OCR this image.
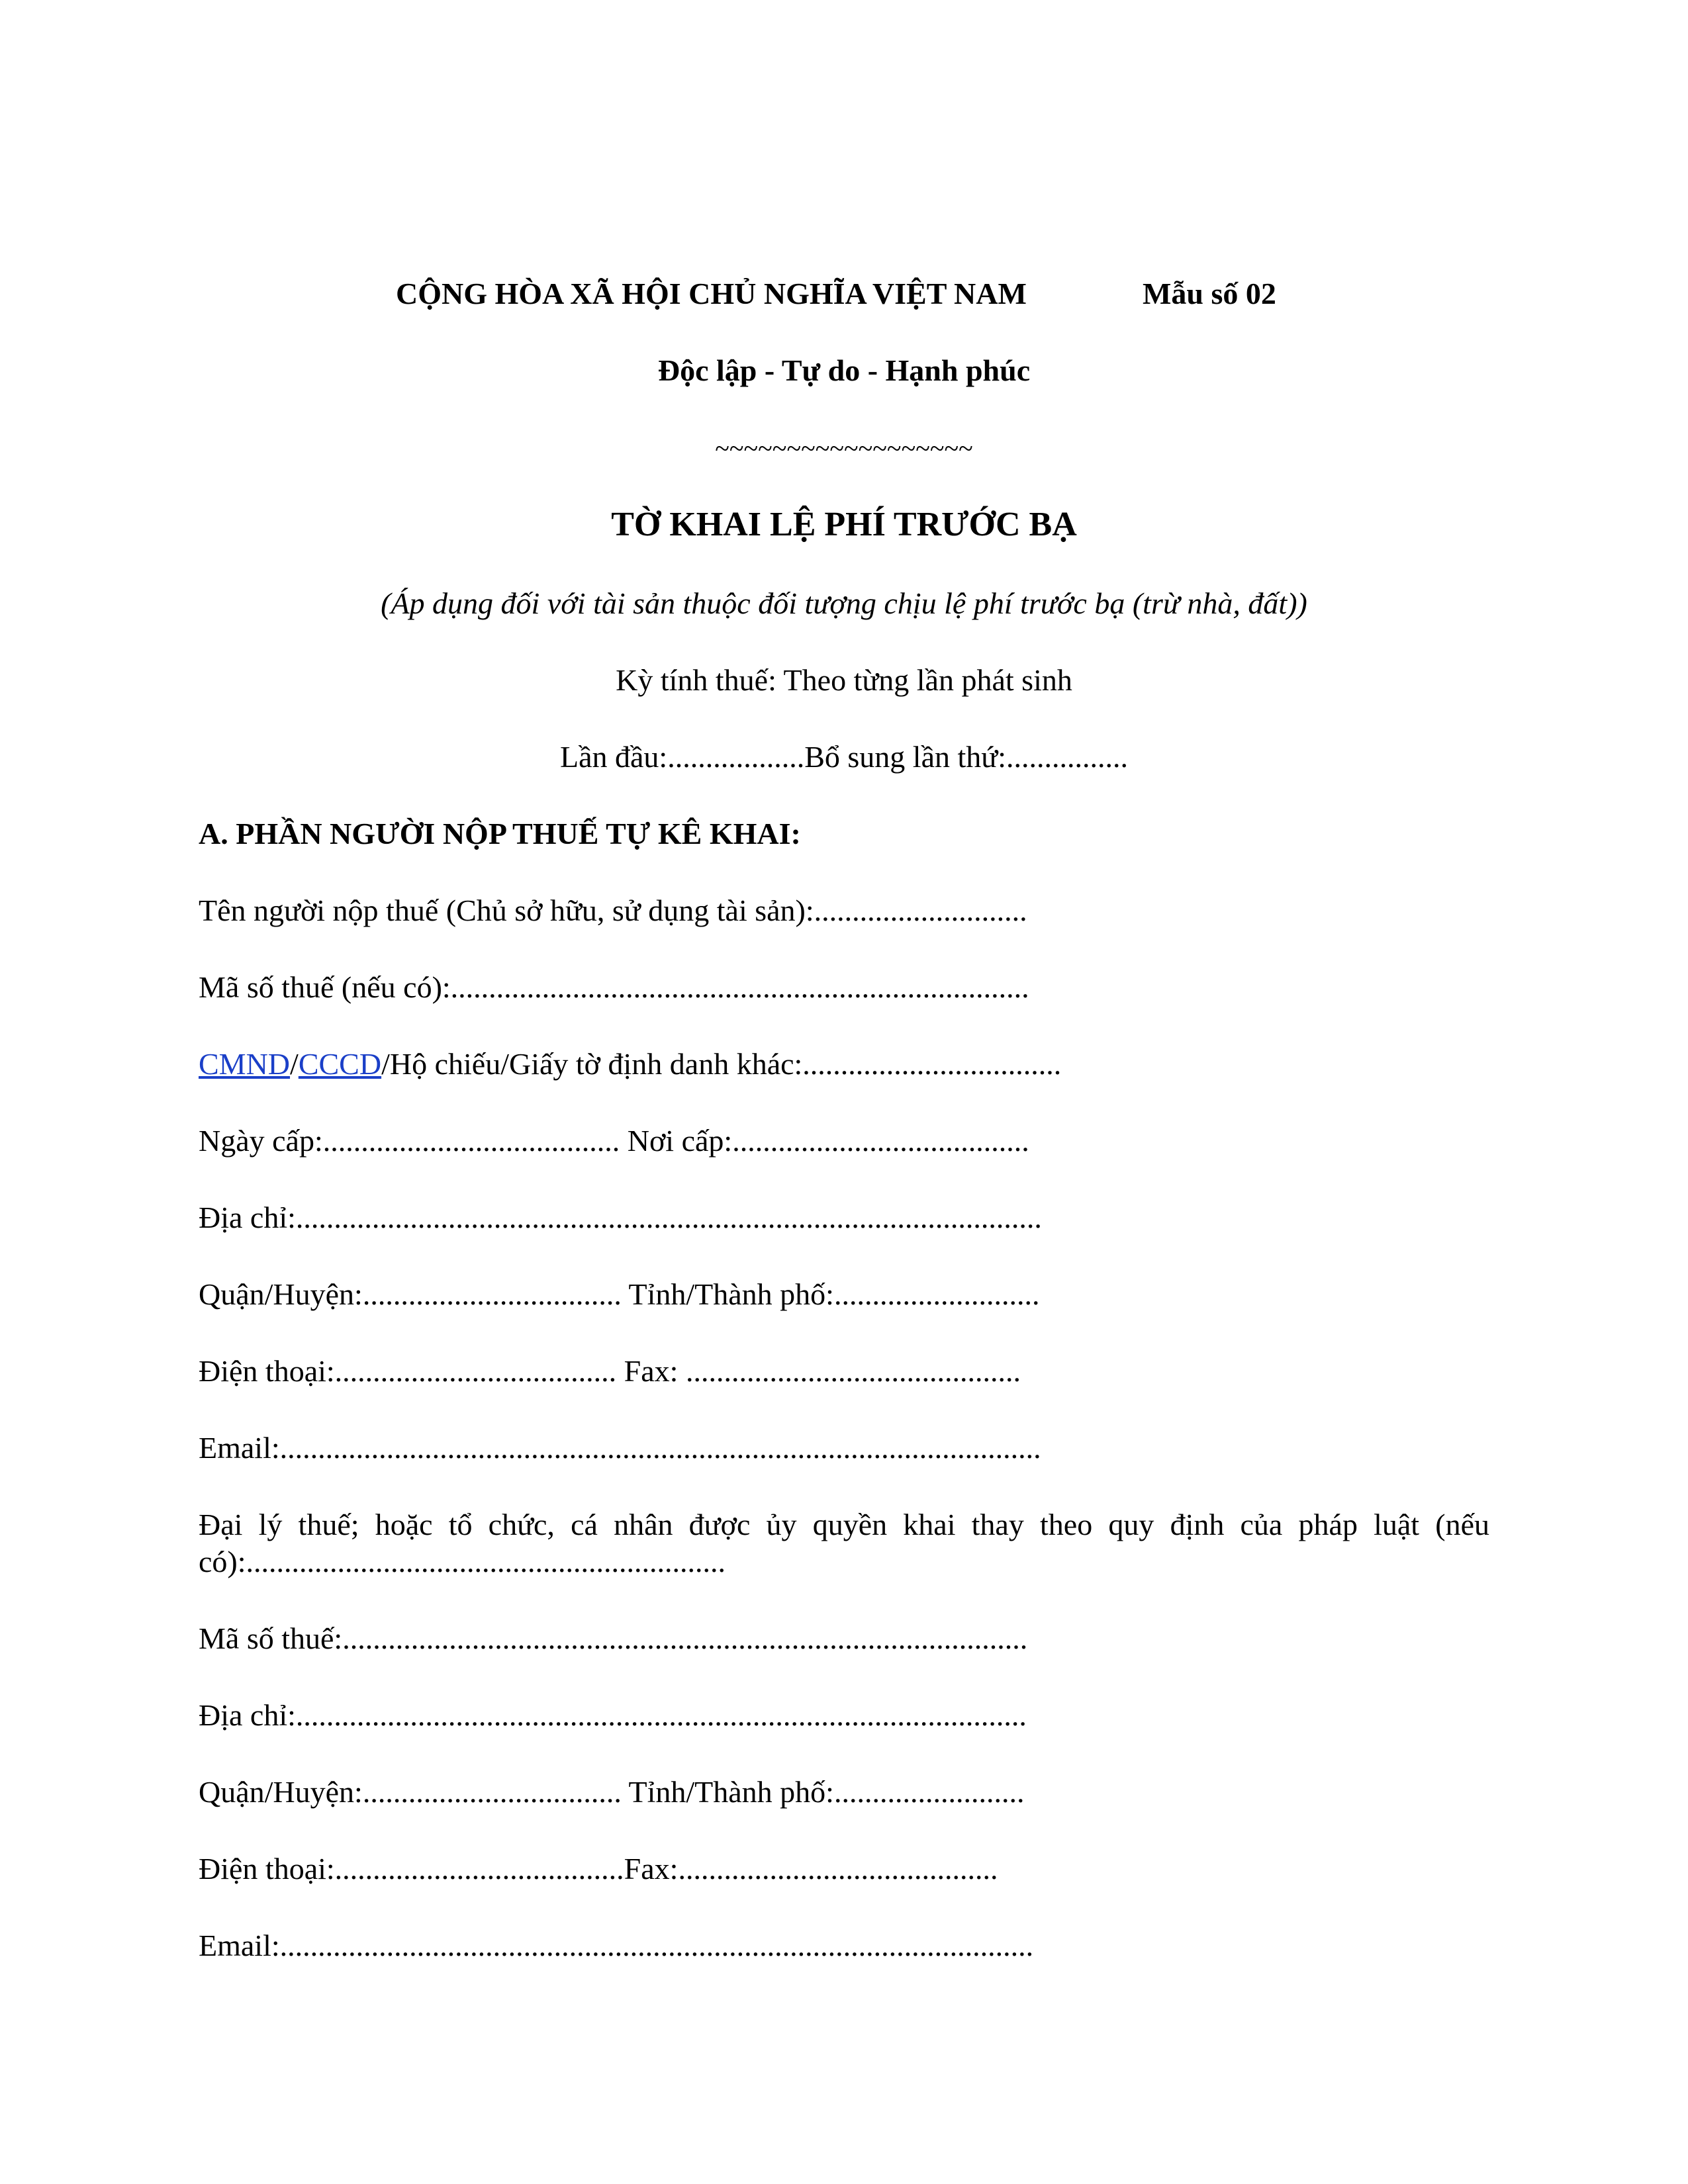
CỘNG HÒA XÃ HỘI CHỦ NGHĨA VIỆT NAM	Mẫu số 02
Độc lập - Tự do - Hạnh phúc
~~~~~~~~~~~~~~~~~~
TỜ KHAI LỆ PHÍ TRƯỚC BẠ
(Áp dụng đối với tài sản thuộc đối tượng chịu lệ phí trước bạ (trừ nhà, đất))
Kỳ tính thuế: Theo từng lần phát sinh
Lần đầu:..................Bổ sung lần thứ:................
A. PHẦN NGƯỜI NỘP THUẾ TỰ KÊ KHAI:
Tên người nộp thuế (Chủ sở hữu, sử dụng tài sản):............................
Mã số thuế (nếu có):............................................................................
CMND/CCCD/Hộ chiếu/Giấy tờ định danh khác:..................................
Ngày cấp:....................................... Nơi cấp:.......................................
Địa chỉ:..................................................................................................
Quận/Huyện:.................................. Tỉnh/Thành phố:...........................
Điện thoại:..................................... Fax: ............................................
Email:....................................................................................................
Đại lý thuế; hoặc tổ chức, cá nhân được ủy quyền khai thay theo quy định của pháp luật (nếu có):...............................................................
Mã số thuế:..........................................................................................
Địa chỉ:................................................................................................
Quận/Huyện:.................................. Tỉnh/Thành phố:.........................
Điện thoại:......................................Fax:..........................................
Email:...................................................................................................
